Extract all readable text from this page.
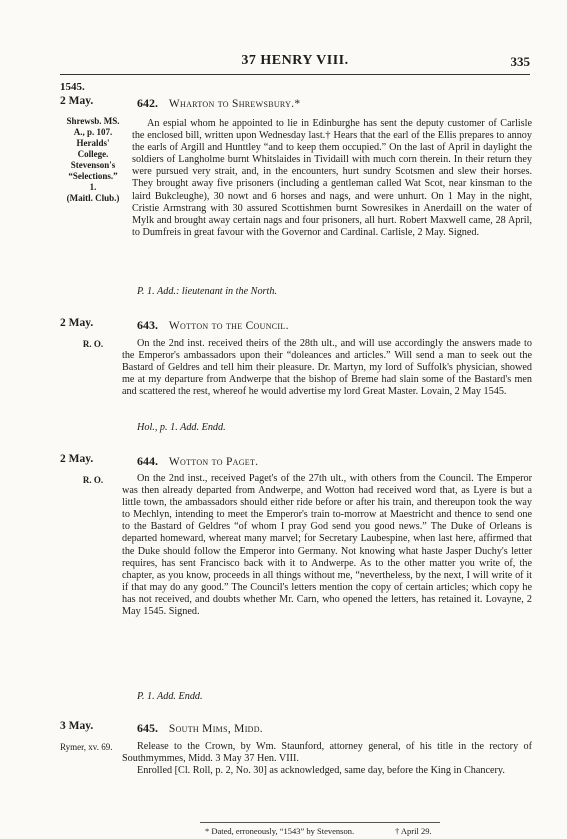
37 HENRY VIII.	335
1545.
2 May.	642. Wharton to Shrewsbury.*
Shrewsb. MS.
A., p. 107.
Heralds'
College.
Stevenson's
“Selections.”
1.
(Maitl. Club.)

An espial whom he appointed to lie in Edinburghe has sent the deputy customer of Carlisle the enclosed bill, written upon Wednesday last.† Hears that the earl of the Ellis prepares to annoy the earls of Argill and Hunttley “and to keep them occupied.” On the last of April in daylight the soldiers of Langholme burnt Whitslaides in Tividaill with much corn therein. In their return they were pursued very strait, and, in the encounters, hurt sundry Scotsmen and slew their horses. They brought away five prisoners (including a gentleman called Wat Scot, near kinsman to the laird Bukcleughe), 30 nowt and 6 horses and nags, and were unhurt. On 1 May in the night, Cristie Armstrang with 30 assured Scottishmen burnt Sowresikes in Anerdaill on the water of Mylk and brought away certain nags and four prisoners, all hurt. Robert Maxwell came, 28 April, to Dumfreis in great favour with the Governor and Cardinal. Carlisle, 2 May. Signed.

P. 1. Add.: lieutenant in the North.
2 May.	643. Wotton to the Council.
R. O.	On the 2nd inst. received theirs of the 28th ult., and will use accordingly the answers made to the Emperor's ambassadors upon their “doleances and articles.” Will send a man to seek out the Bastard of Geldres and tell him their pleasure. Dr. Martyn, my lord of Suffolk's physician, showed me at my departure from Andwerpe that the bishop of Breme had slain some of the Bastard's men and scattered the rest, whereof he would advertise my lord Great Master. Lovain, 2 May 1545.

Hol., p. 1. Add. Endd.
2 May.	644. Wotton to Paget.
R. O.	On the 2nd inst., received Paget's of the 27th ult., with others from the Council. The Emperor was then already departed from Andwerpe, and Wotton had received word that, as Lyere is but a little town, the ambassadors should either ride before or after his train, and thereupon took the way to Mechlyn, intending to meet the Emperor's train to-morrow at Maestricht and thence to send one to the Bastard of Geldres “of whom I pray God send you good news.” The Duke of Orleans is departed homeward, whereat many marvel; for Secretary Laubespine, when last here, affirmed that the Duke should follow the Emperor into Germany. Not knowing what haste Jasper Duchy's letter requires, has sent Francisco back with it to Andwerpe. As to the other matter you write of, the chapter, as you know, proceeds in all things without me, “nevertheless, by the next, I will write of it if that may do any good.” The Council's letters mention the copy of certain articles; which copy he has not received, and doubts whether Mr. Carn, who opened the letters, has retained it. Lovayne, 2 May 1545. Signed.

P. 1. Add. Endd.
3 May.	645. South Mims, Midd.
Rymer, xv. 69.	Release to the Crown, by Wm. Staunford, attorney general, of his title in the rectory of Southmymmes, Midd. 3 May 37 Hen. VIII.

Enrolled [Cl. Roll, p. 2, No. 30] as acknowledged, same day, before the King in Chancery.

* Dated, erroneously, “1543” by Stevenson.	† April 29.
